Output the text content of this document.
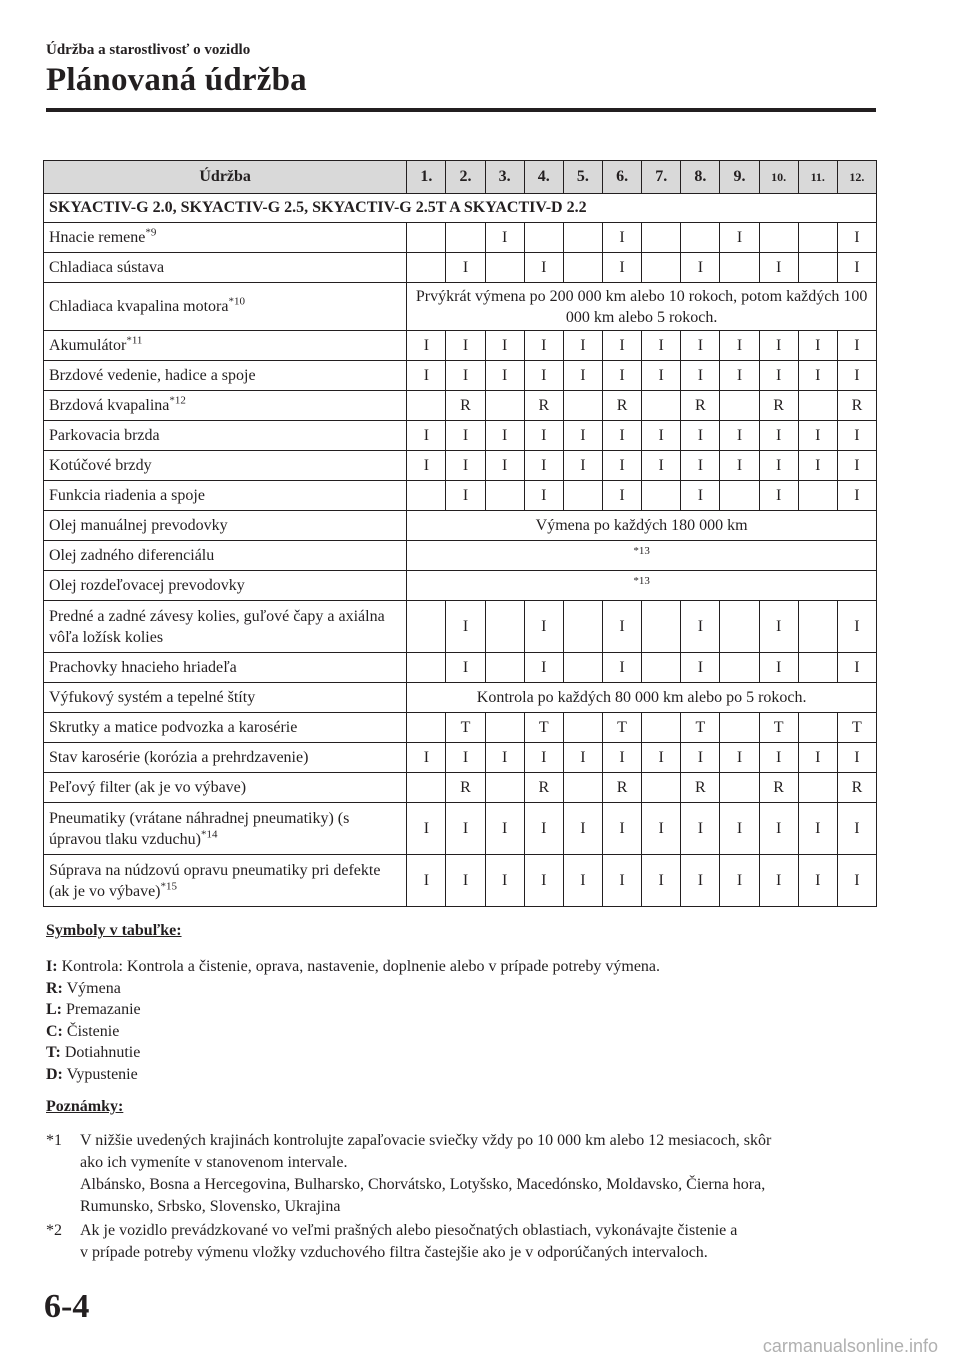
Údržba a starostlivosť o vozidlo
Plánovaná údržba
Údržba	1.	2.	3.	4.	5.	6.	7.	8.	9.	10.	11.	12.
SKYACTIV-G 2.0, SKYACTIV-G 2.5, SKYACTIV-G 2.5T A SKYACTIV-D 2.2												
Hnacie remene$^{*9}$			I			I			I			I
Chladiaca sústava		I		I		I		I		I		I
Chladiaca kvapalina motora$^{*10}$	Prvýkrát výmena po 200 000 km alebo 10 rokoch, potom každých 100 000 km alebo 5 rokoch.											
Akumulátor$^{*11}$	I	I	I	I	I	I	I	I	I	I	I	I
Brzdové vedenie, hadice a spoje	I	I	I	I	I	I	I	I	I	I	I	I
Brzdová kvapalina$^{*12}$		R		R		R		R		R		R
Parkovacia brzda	I	I	I	I	I	I	I	I	I	I	I	I
Kotúčové brzdy	I	I	I	I	I	I	I	I	I	I	I	I
Funkcia riadenia a spoje		I		I		I		I		I		I
Olej manuálnej prevodovky	Výmena po každých 180 000 km											
Olej zadného diferenciálu	*13											
Olej rozdeľovacej prevodovky	*13											
Predné a zadné závesy kolies, guľové čapy a axiálna vôľa ložísk kolies		I		I		I		I		I		I
Prachovky hnacieho hriadeľa		I		I		I		I		I		I
Výfukový systém a tepelné štíty	Kontrola po každých 80 000 km alebo po 5 rokoch.											
Skrutky a matice podvozka a karosérie		T		T		T		T		T		T
Stav karosérie (korózia a prehrdzavenie)	I	I	I	I	I	I	I	I	I	I	I	I
Peľový filter (ak je vo výbave)		R		R		R		R		R		R
Pneumatiky (vrátane náhradnej pneumatiky) (s úpravou tlaku vzduchu)$^{*14}$	I	I	I	I	I	I	I	I	I	I	I	I
Súprava na núdzovú opravu pneumatiky pri defekte (ak je vo výbave)$^{*15}$	I	I	I	I	I	I	I	I	I	I	I	I
Symboly v tabuľke:
I: Kontrola: Kontrola a čistenie, oprava, nastavenie, doplnenie alebo v prípade potreby výmena.
R: Výmena
L: Premazanie
C: Čistenie
T: Dotiahnutie
D: Vypustenie
Poznámky:
*1 V nižšie uvedených krajinách kontrolujte zapaľovacie sviečky vždy po 10 000 km alebo 12 mesiacoch, skôr
ako ich vymeníte v stanovenom intervale.
Albánsko, Bosna a Hercegovina, Bulharsko, Chorvátsko, Lotyšsko, Macedónsko, Moldavsko, Čierna hora,
Rumunsko, Srbsko, Slovensko, Ukrajina
*2 Ak je vozidlo prevádzkované vo veľmi prašných alebo piesočnatých oblastiach, vykonávajte čistenie a
v prípade potreby výmenu vložky vzduchového filtra častejšie ako je v odporúčaných intervaloch.
6-4
carmanualsonline.info
